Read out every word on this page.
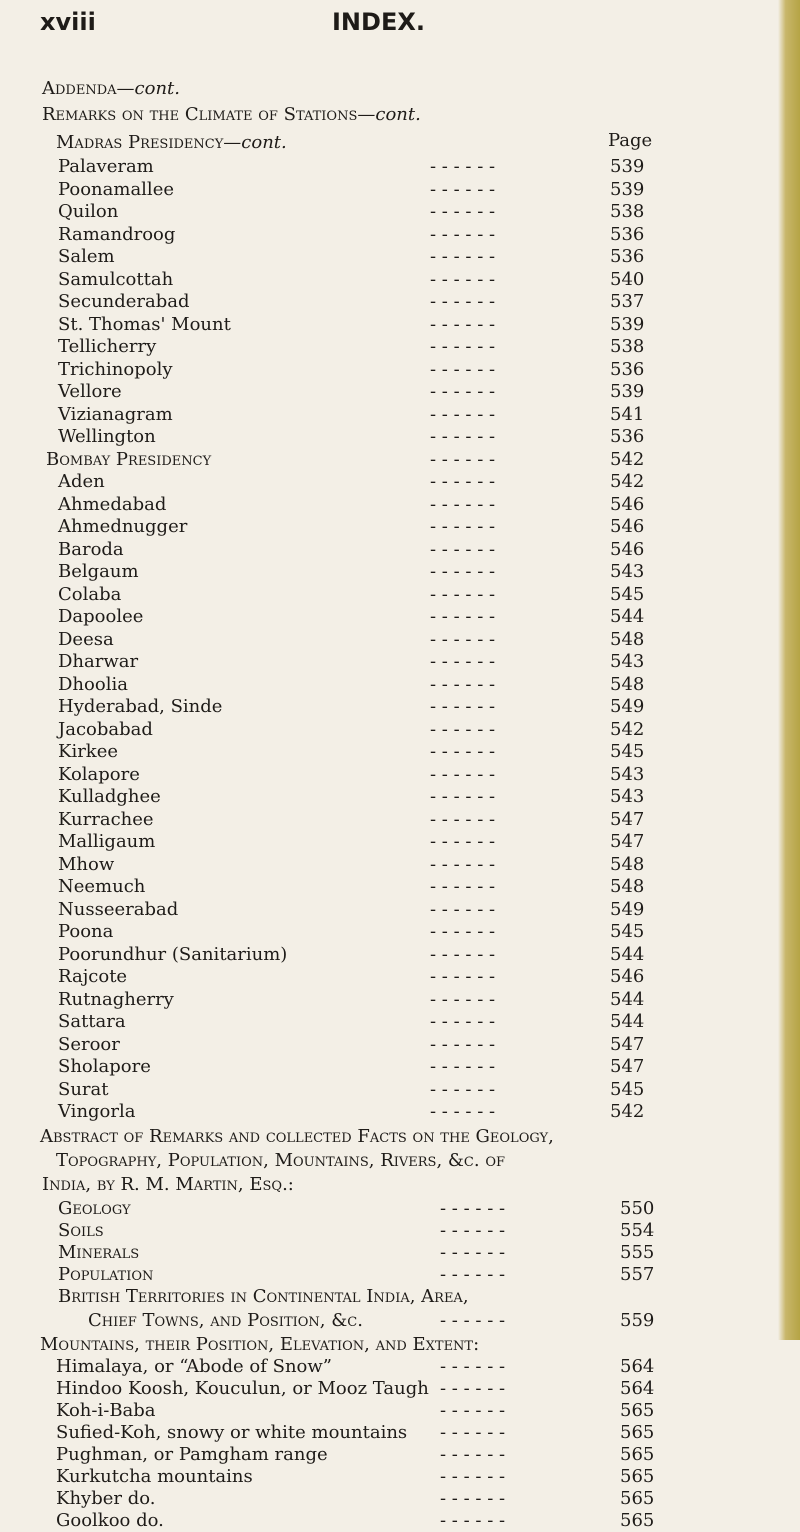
xviii	INDEX.
Addenda—cont.
Remarks on the Climate of Stations—cont.
Madras Presidency—cont.	Page
Palaveram	539
- - - - - -
Poonamallee	539
- - - - - -
Quilon	538
- - - - - -
Ramandroog	536
- - - - - -
Salem	536
- - - - - -
Samulcottah	540
- - - - - -
Secunderabad	537
- - - - - -
St. Thomas' Mount	539
- - - - - -
Tellicherry	538
- - - - - -
Trichinopoly	536
- - - - - -
Vellore	539
- - - - - -
Vizianagram	541
- - - - - -
Wellington	536
- - - - - -
Bombay Presidency	542
- - - - - -
Aden	542
- - - - - -
Ahmedabad	546
- - - - - -
Ahmednugger	546
- - - - - -
Baroda	546
- - - - - -
Belgaum	543
- - - - - -
Colaba	545
- - - - - -
Dapoolee	544
- - - - - -
Deesa	548
- - - - - -
Dharwar	543
- - - - - -
Dhoolia	548
- - - - - -
Hyderabad, Sinde	549
- - - - - -
Jacobabad	542
- - - - - -
Kirkee	545
- - - - - -
Kolapore	543
- - - - - -
Kulladghee	543
- - - - - -
Kurrachee	547
- - - - - -
Malligaum	547
- - - - - -
Mhow	548
- - - - - -
Neemuch	548
- - - - - -
Nusseerabad	549
- - - - - -
Poona	545
- - - - - -
Poorundhur (Sanitarium)	544
- - - - - -
Rajcote	546
- - - - - -
Rutnagherry	544
- - - - - -
Sattara	544
- - - - - -
Seroor	547
- - - - - -
Sholapore	547
- - - - - -
Surat	545
- - - - - -
Vingorla	542
- - - - - -
Abstract of Remarks and collected Facts on the Geology,
Topography, Population, Mountains, Rivers, &c. of
India, by R. M. Martin, Esq.:
Geology	550
- - - - - -
Soils	554
- - - - - -
Minerals	555
- - - - - -
Population	557
- - - - - -
British Territories in Continental India, Area,
Chief Towns, and Position, &c.	559
- - - - - -
Mountains, their Position, Elevation, and Extent:
Himalaya, or “Abode of Snow”	564
- - - - - -
Hindoo Koosh, Kouculun, or Mooz Taugh	564
- - - - - -
Koh-i-Baba	565
- - - - - -
Sufied-Koh, snowy or white mountains	565
- - - - - -
Pughman, or Pamgham range	565
- - - - - -
Kurkutcha mountains	565
- - - - - -
Khyber do.	565
- - - - - -
Goolkoo do.	565
- - - - - -
